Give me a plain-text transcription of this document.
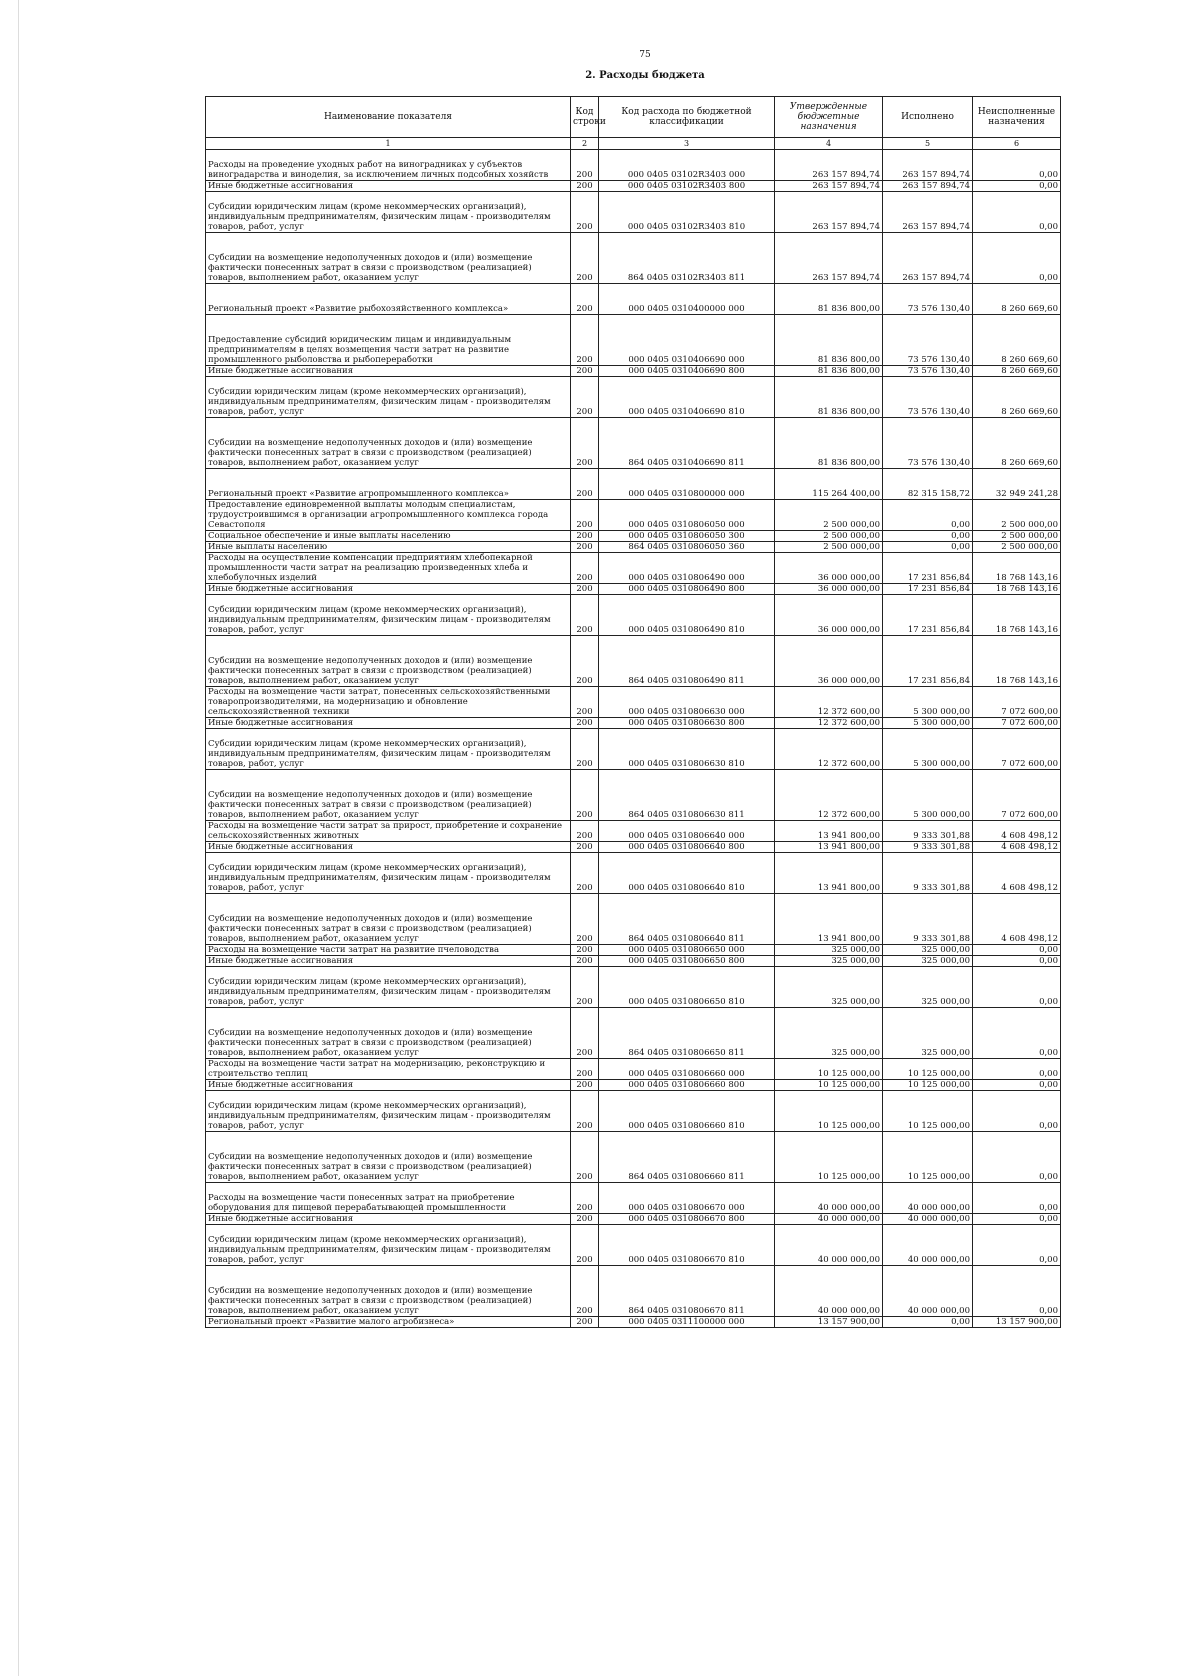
75
2. Расходы бюджета
Наименование показателя	Код строки	Код расхода по бюджетной классификации	Утвержденные бюджетные назначения	Исполнено	Неисполненные назначения
1	2	3	4	5	6
Расходы на проведение уходных работ на виноградниках у субъектов виноградарства и виноделия, за исключением личных подсобных хозяйств	200	000 0405 03102R3403 000	263 157 894,74	263 157 894,74	0,00
Иные бюджетные ассигнования	200	000 0405 03102R3403 800	263 157 894,74	263 157 894,74	0,00
Субсидии юридическим лицам (кроме некоммерческих организаций), индивидуальным предпринимателям, физическим лицам - производителям товаров, работ, услуг	200	000 0405 03102R3403 810	263 157 894,74	263 157 894,74	0,00
Субсидии на возмещение недополученных доходов и (или) возмещение фактически понесенных затрат в связи с производством (реализацией) товаров, выполнением работ, оказанием услуг	200	864 0405 03102R3403 811	263 157 894,74	263 157 894,74	0,00
Региональный проект «Развитие рыбохозяйственного комплекса»	200	000 0405 0310400000 000	81 836 800,00	73 576 130,40	8 260 669,60
Предоставление субсидий юридическим лицам и индивидуальным предпринимателям в целях возмещения части затрат на развитие промышленного рыболовства и рыбопереработки	200	000 0405 0310406690 000	81 836 800,00	73 576 130,40	8 260 669,60
Иные бюджетные ассигнования	200	000 0405 0310406690 800	81 836 800,00	73 576 130,40	8 260 669,60
Субсидии юридическим лицам (кроме некоммерческих организаций), индивидуальным предпринимателям, физическим лицам - производителям товаров, работ, услуг	200	000 0405 0310406690 810	81 836 800,00	73 576 130,40	8 260 669,60
Субсидии на возмещение недополученных доходов и (или) возмещение фактически понесенных затрат в связи с производством (реализацией) товаров, выполнением работ, оказанием услуг	200	864 0405 0310406690 811	81 836 800,00	73 576 130,40	8 260 669,60
Региональный проект «Развитие агропромышленного комплекса»	200	000 0405 0310800000 000	115 264 400,00	82 315 158,72	32 949 241,28
Предоставление единовременной выплаты молодым специалистам, трудоустроившимся в организации агропромышленного комплекса города Севастополя	200	000 0405 0310806050 000	2 500 000,00	0,00	2 500 000,00
Социальное обеспечение и иные выплаты населению	200	000 0405 0310806050 300	2 500 000,00	0,00	2 500 000,00
Иные выплаты населению	200	864 0405 0310806050 360	2 500 000,00	0,00	2 500 000,00
Расходы на осуществление компенсации предприятиям хлебопекарной промышленности части затрат на реализацию произведенных хлеба и хлебобулочных изделий	200	000 0405 0310806490 000	36 000 000,00	17 231 856,84	18 768 143,16
Иные бюджетные ассигнования	200	000 0405 0310806490 800	36 000 000,00	17 231 856,84	18 768 143,16
Субсидии юридическим лицам (кроме некоммерческих организаций), индивидуальным предпринимателям, физическим лицам - производителям товаров, работ, услуг	200	000 0405 0310806490 810	36 000 000,00	17 231 856,84	18 768 143,16
Субсидии на возмещение недополученных доходов и (или) возмещение фактически понесенных затрат в связи с производством (реализацией) товаров, выполнением работ, оказанием услуг	200	864 0405 0310806490 811	36 000 000,00	17 231 856,84	18 768 143,16
Расходы на возмещение части затрат, понесенных сельскохозяйственными товаропроизводителями, на модернизацию и обновление сельскохозяйственной техники	200	000 0405 0310806630 000	12 372 600,00	5 300 000,00	7 072 600,00
Иные бюджетные ассигнования	200	000 0405 0310806630 800	12 372 600,00	5 300 000,00	7 072 600,00
Субсидии юридическим лицам (кроме некоммерческих организаций), индивидуальным предпринимателям, физическим лицам - производителям товаров, работ, услуг	200	000 0405 0310806630 810	12 372 600,00	5 300 000,00	7 072 600,00
Субсидии на возмещение недополученных доходов и (или) возмещение фактически понесенных затрат в связи с производством (реализацией) товаров, выполнением работ, оказанием услуг	200	864 0405 0310806630 811	12 372 600,00	5 300 000,00	7 072 600,00
Расходы на возмещение части затрат за прирост, приобретение и сохранение сельскохозяйственных животных	200	000 0405 0310806640 000	13 941 800,00	9 333 301,88	4 608 498,12
Иные бюджетные ассигнования	200	000 0405 0310806640 800	13 941 800,00	9 333 301,88	4 608 498,12
Субсидии юридическим лицам (кроме некоммерческих организаций), индивидуальным предпринимателям, физическим лицам - производителям товаров, работ, услуг	200	000 0405 0310806640 810	13 941 800,00	9 333 301,88	4 608 498,12
Субсидии на возмещение недополученных доходов и (или) возмещение фактически понесенных затрат в связи с производством (реализацией) товаров, выполнением работ, оказанием услуг	200	864 0405 0310806640 811	13 941 800,00	9 333 301,88	4 608 498,12
Расходы на возмещение части затрат на развитие пчеловодства	200	000 0405 0310806650 000	325 000,00	325 000,00	0,00
Иные бюджетные ассигнования	200	000 0405 0310806650 800	325 000,00	325 000,00	0,00
Субсидии юридическим лицам (кроме некоммерческих организаций), индивидуальным предпринимателям, физическим лицам - производителям товаров, работ, услуг	200	000 0405 0310806650 810	325 000,00	325 000,00	0,00
Субсидии на возмещение недополученных доходов и (или) возмещение фактически понесенных затрат в связи с производством (реализацией) товаров, выполнением работ, оказанием услуг	200	864 0405 0310806650 811	325 000,00	325 000,00	0,00
Расходы на возмещение части затрат на модернизацию, реконструкцию и строительство теплиц	200	000 0405 0310806660 000	10 125 000,00	10 125 000,00	0,00
Иные бюджетные ассигнования	200	000 0405 0310806660 800	10 125 000,00	10 125 000,00	0,00
Субсидии юридическим лицам (кроме некоммерческих организаций), индивидуальным предпринимателям, физическим лицам - производителям товаров, работ, услуг	200	000 0405 0310806660 810	10 125 000,00	10 125 000,00	0,00
Субсидии на возмещение недополученных доходов и (или) возмещение фактически понесенных затрат в связи с производством (реализацией) товаров, выполнением работ, оказанием услуг	200	864 0405 0310806660 811	10 125 000,00	10 125 000,00	0,00
Расходы на возмещение части понесенных затрат на приобретение оборудования для пищевой перерабатывающей промышленности	200	000 0405 0310806670 000	40 000 000,00	40 000 000,00	0,00
Иные бюджетные ассигнования	200	000 0405 0310806670 800	40 000 000,00	40 000 000,00	0,00
Субсидии юридическим лицам (кроме некоммерческих организаций), индивидуальным предпринимателям, физическим лицам - производителям товаров, работ, услуг	200	000 0405 0310806670 810	40 000 000,00	40 000 000,00	0,00
Субсидии на возмещение недополученных доходов и (или) возмещение фактически понесенных затрат в связи с производством (реализацией) товаров, выполнением работ, оказанием услуг	200	864 0405 0310806670 811	40 000 000,00	40 000 000,00	0,00
Региональный проект «Развитие малого агробизнеса»	200	000 0405 0311100000 000	13 157 900,00	0,00	13 157 900,00
